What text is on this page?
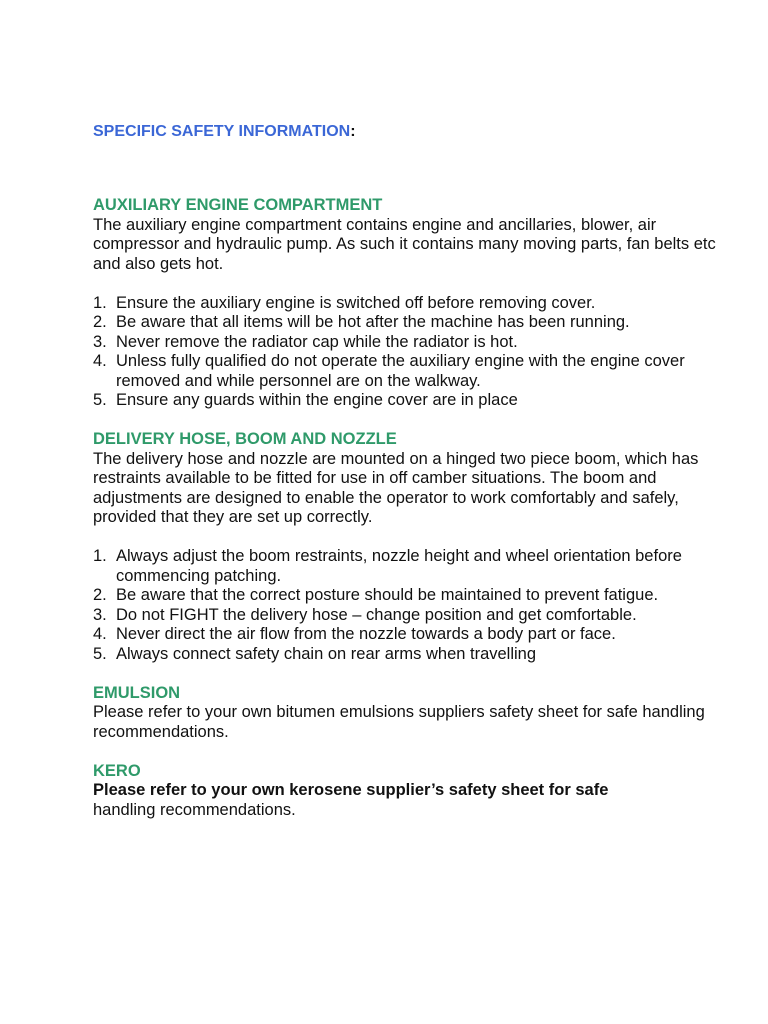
SPECIFIC SAFETY INFORMATION:

AUXILIARY ENGINE COMPARTMENT

The auxiliary engine compartment contains engine and ancillaries, blower, air compressor and hydraulic pump. As such it contains many moving parts, fan belts etc and also gets hot.

1. Ensure the auxiliary engine is switched off before removing cover.
2. Be aware that all items will be hot after the machine has been running.
3. Never remove the radiator cap while the radiator is hot.
4. Unless fully qualified do not operate the auxiliary engine with the engine cover removed and while personnel are on the walkway.
5. Ensure any guards within the engine cover are in place

DELIVERY HOSE, BOOM AND NOZZLE

The delivery hose and nozzle are mounted on a hinged two piece boom, which has restraints available to be fitted for use in off camber situations. The boom and adjustments are designed to enable the operator to work comfortably and safely, provided that they are set up correctly.

1. Always adjust the boom restraints, nozzle height and wheel orientation before commencing patching.
2. Be aware that the correct posture should be maintained to prevent fatigue.
3. Do not FIGHT the delivery hose – change position and get comfortable.
4. Never direct the air flow from the nozzle towards a body part or face.
5. Always connect safety chain on rear arms when travelling

EMULSION

Please refer to your own bitumen emulsions suppliers safety sheet for safe handling recommendations.

KERO

Please refer to your own kerosene supplier’s safety sheet for safe

handling recommendations.
